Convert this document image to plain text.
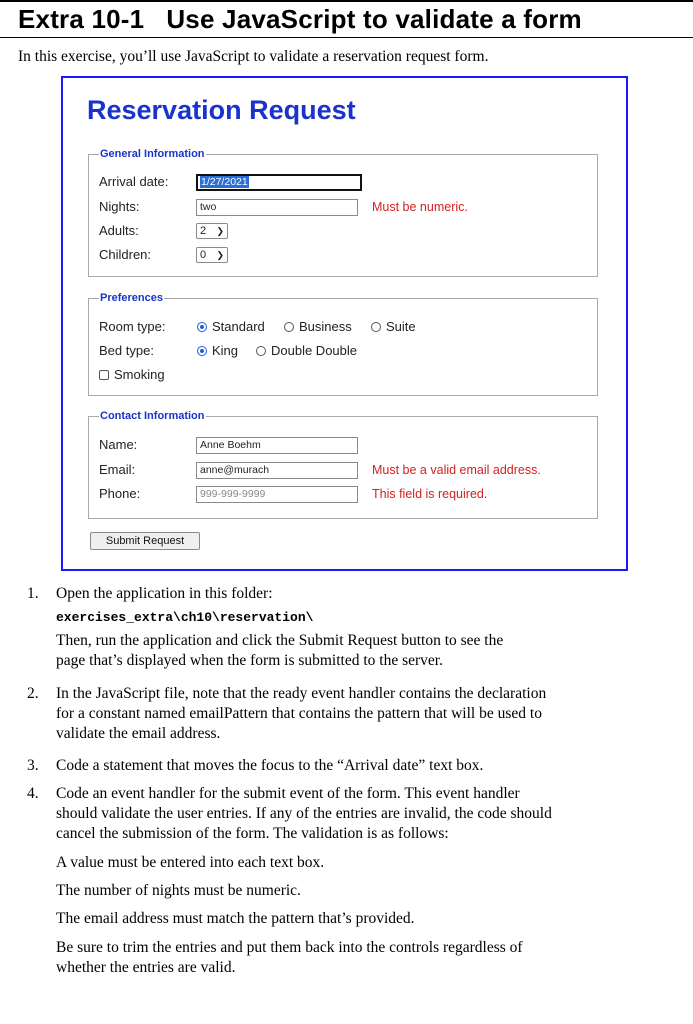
Extra 10-1 Use JavaScript to validate a form

In this exercise, you’ll use JavaScript to validate a reservation request form.

Reservation Request
General Information
Arrival date:	1/27/2021
Nights:	two	Must be numeric.
Adults:	2 ❯
Children:	0 ❯
Preferences
Room type:	Standard	Business	Suite
Bed type:	King	Double Double
Smoking
Contact Information
Name:	Anne Boehm
Email:	anne@murach	Must be a valid email address.
Phone:	999-999-9999	This field is required.
Submit Request
1. Open the application in this folder:
exercises_extra\ch10\reservation\
Then, run the application and click the Submit Request button to see the
page that’s displayed when the form is submitted to the server.
2. In the JavaScript file, note that the ready event handler contains the declaration
for a constant named emailPattern that contains the pattern that will be used to
validate the email address.
3. Code a statement that moves the focus to the “Arrival date” text box.
4. Code an event handler for the submit event of the form. This event handler
should validate the user entries. If any of the entries are invalid, the code should
cancel the submission of the form. The validation is as follows:
A value must be entered into each text box.
The number of nights must be numeric.
The email address must match the pattern that’s provided.
Be sure to trim the entries and put them back into the controls regardless of
whether the entries are valid.
